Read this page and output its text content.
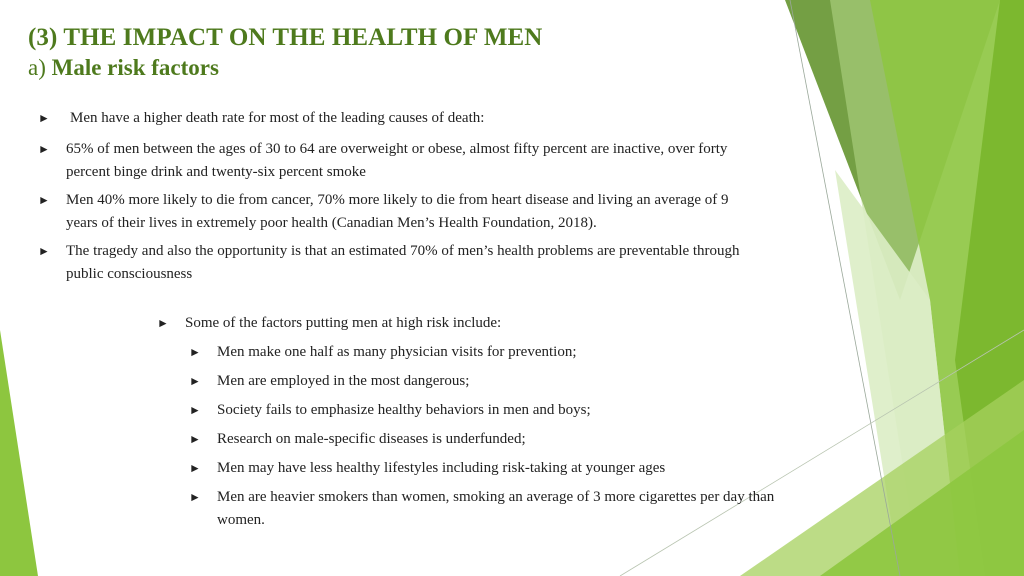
(3) THE IMPACT ON THE HEALTH OF MEN
a) Male risk factors
► Men have a higher death rate for most of the leading causes of death:
► 65% of men between the ages of 30 to 64 are overweight or obese, almost fifty percent are inactive, over forty percent binge drink and twenty-six percent smoke
► Men 40% more likely to die from cancer, 70% more likely to die from heart disease and living an average of 9 years of their lives in extremely poor health (Canadian Men’s Health Foundation, 2018).
► The tragedy and also the opportunity is that an estimated 70% of men’s health problems are preventable through public consciousness
► Some of the factors putting men at high risk include:
► Men make one half as many physician visits for prevention;
► Men are employed in the most dangerous;
► Society fails to emphasize healthy behaviors in men and boys;
► Research on male-specific diseases is underfunded;
► Men may have less healthy lifestyles including risk-taking at younger ages
► Men are heavier smokers than women, smoking an average of 3 more cigarettes per day than women.
